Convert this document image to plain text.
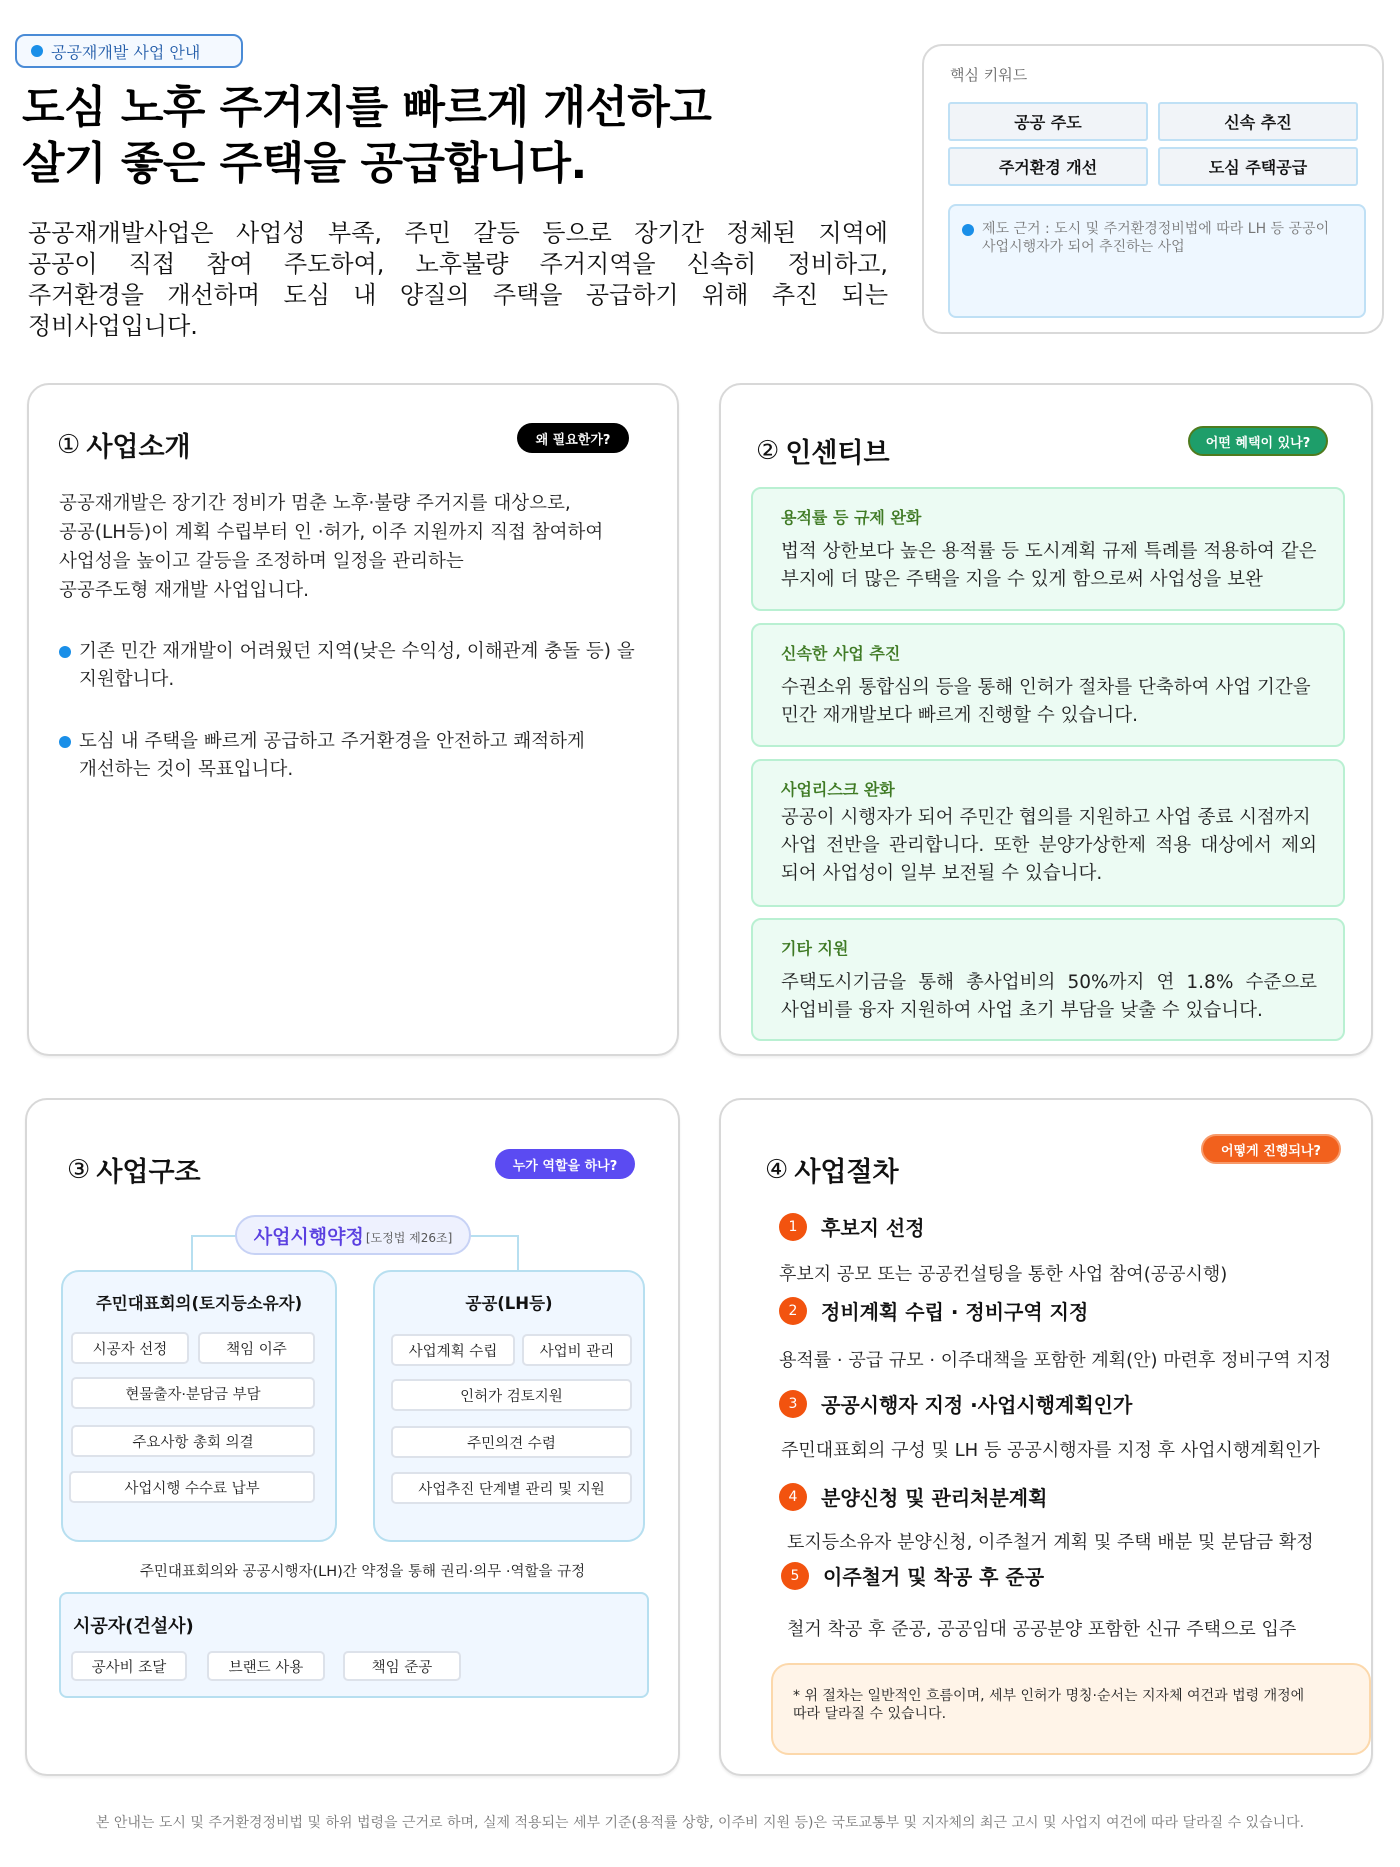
공공재개발 사업 안내
도심 노후 주거지를 빠르게 개선하고
살기 좋은 주택을 공급합니다.
공공재개발사업은 사업성 부족, 주민 갈등 등으로 장기간 정체된 지역에
공공이 직접 참여 주도하여, 노후불량 주거지역을 신속히 정비하고,
주거환경을 개선하며 도심 내 양질의 주택을 공급하기 위해 추진 되는
정비사업입니다.
핵심 키워드
공공 주도	신속 추진
주거환경 개선	도심 주택공급
제도 근거 : 도시 및 주거환경정비법에 따라 LH 등 공공이
사업시행자가 되어 추진하는 사업
① 사업소개	왜 필요한가?
공공재개발은 장기간 정비가 멈춘 노후·불량 주거지를 대상으로,
공공(LH등)이 계획 수립부터 인 ·허가, 이주 지원까지 직접 참여하여
사업성을 높이고 갈등을 조정하며 일정을 관리하는
공공주도형 재개발 사업입니다.
기존 민간 재개발이 어려웠던 지역(낮은 수익성, 이해관계 충돌 등) 을
지원합니다.
도심 내 주택을 빠르게 공급하고 주거환경을 안전하고 쾌적하게
개선하는 것이 목표입니다.
② 인센티브	어떤 혜택이 있나?
용적률 등 규제 완화
법적 상한보다 높은 용적률 등 도시계획 규제 특례를 적용하여 같은
부지에 더 많은 주택을 지을 수 있게 함으로써 사업성을 보완
신속한 사업 추진
수권소위 통합심의 등을 통해 인허가 절차를 단축하여 사업 기간을
민간 재개발보다 빠르게 진행할 수 있습니다.
사업리스크 완화
공공이 시행자가 되어 주민간 협의를 지원하고 사업 종료 시점까지
사업 전반을 관리합니다. 또한 분양가상한제 적용 대상에서 제외
되어 사업성이 일부 보전될 수 있습니다.
기타 지원
주택도시기금을 통해 총사업비의 50%까지 연 1.8% 수준으로
사업비를 융자 지원하여 사업 초기 부담을 낮출 수 있습니다.
③ 사업구조	누가 역할을 하나?
사업시행약정 [도정법 제26조]
주민대표회의(토지등소유자)
시공자 선정	책임 이주
현물출자·분담금 부담
주요사항 총회 의결
사업시행 수수료 납부
공공(LH등)
사업계획 수립	사업비 관리
인허가 검토지원
주민의견 수렴
사업추진 단계별 관리 및 지원
주민대표회의와 공공시행자(LH)간 약정을 통해 권리·의무 ·역할을 규정
시공자(건설사)
공사비 조달	브랜드 사용	책임 준공
④ 사업절차
어떻게 진행되나?
1	후보지 선정
후보지 공모 또는 공공컨설팅을 통한 사업 참여(공공시행)
2	정비계획 수립 · 정비구역 지정
용적률 · 공급 규모 · 이주대책을 포함한 계획(안) 마련후 정비구역 지정
3	공공시행자 지정 ·사업시행계획인가
주민대표회의 구성 및 LH 등 공공시행자를 지정 후 사업시행계획인가
4	분양신청 및 관리처분계획
토지등소유자 분양신청, 이주철거 계획 및 주택 배분 및 분담금 확정
5	이주철거 및 착공 후 준공
철거 착공 후 준공, 공공임대 공공분양 포함한 신규 주택으로 입주
* 위 절차는 일반적인 흐름이며, 세부 인허가 명칭·순서는 지자체 여건과 법령 개정에
따라 달라질 수 있습니다.
본 안내는 도시 및 주거환경정비법 및 하위 법령을 근거로 하며, 실제 적용되는 세부 기준(용적률 상향, 이주비 지원 등)은 국토교통부 및 지자체의 최근 고시 및 사업지 여건에 따라 달라질 수 있습니다.
